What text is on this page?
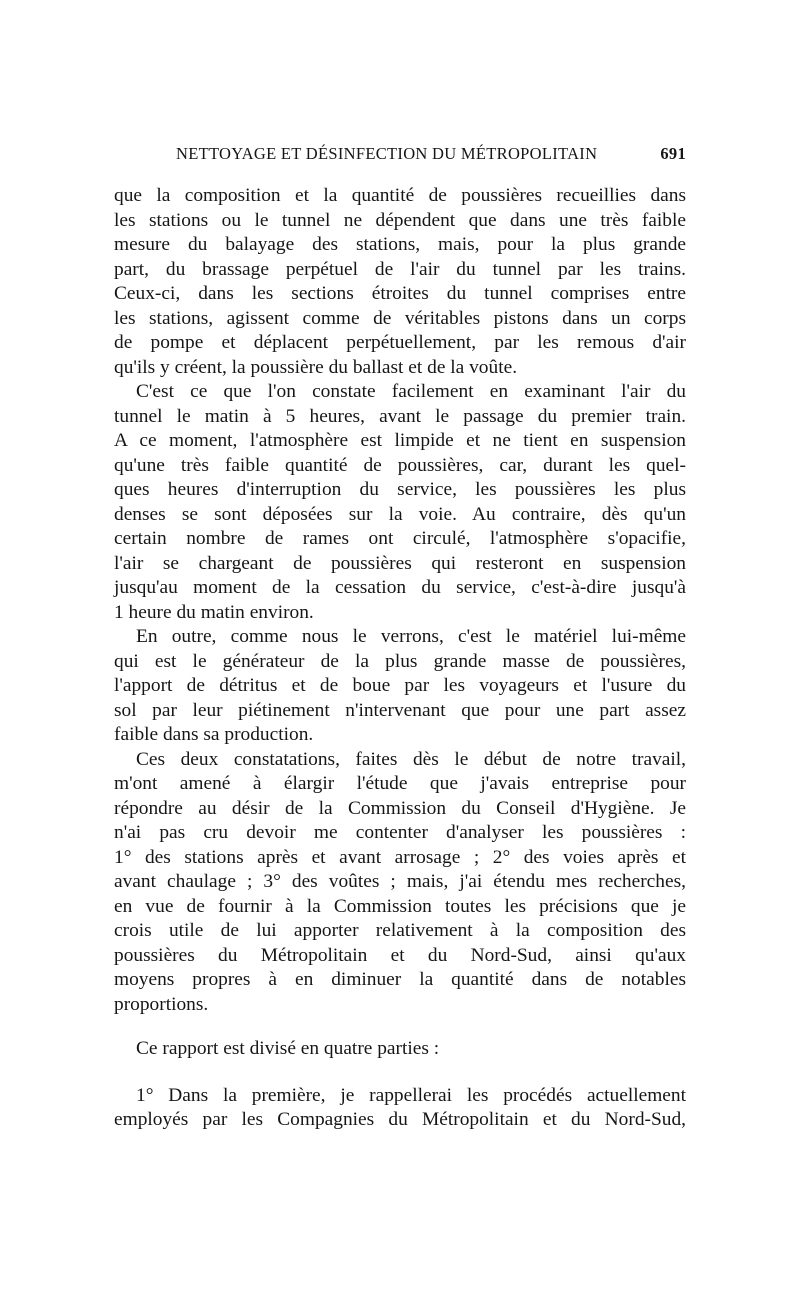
NETTOYAGE ET DÉSINFECTION DU MÉTROPOLITAIN	691
que la composition et la quantité de poussières recueillies dans
les stations ou le tunnel ne dépendent que dans une très faible
mesure du balayage des stations, mais, pour la plus grande
part, du brassage perpétuel de l'air du tunnel par les trains.
Ceux-ci, dans les sections étroites du tunnel comprises entre
les stations, agissent comme de véritables pistons dans un corps
de pompe et déplacent perpétuellement, par les remous d'air
qu'ils y créent, la poussière du ballast et de la voûte.
C'est ce que l'on constate facilement en examinant l'air du
tunnel le matin à 5 heures, avant le passage du premier train.
A ce moment, l'atmosphère est limpide et ne tient en suspension
qu'une très faible quantité de poussières, car, durant les quel-
ques heures d'interruption du service, les poussières les plus
denses se sont déposées sur la voie. Au contraire, dès qu'un
certain nombre de rames ont circulé, l'atmosphère s'opacifie,
l'air se chargeant de poussières qui resteront en suspension
jusqu'au moment de la cessation du service, c'est-à-dire jusqu'à
1 heure du matin environ.
En outre, comme nous le verrons, c'est le matériel lui-même
qui est le générateur de la plus grande masse de poussières,
l'apport de détritus et de boue par les voyageurs et l'usure du
sol par leur piétinement n'intervenant que pour une part assez
faible dans sa production.
Ces deux constatations, faites dès le début de notre travail,
m'ont amené à élargir l'étude que j'avais entreprise pour
répondre au désir de la Commission du Conseil d'Hygiène. Je
n'ai pas cru devoir me contenter d'analyser les poussières :
1° des stations après et avant arrosage ; 2° des voies après et
avant chaulage ; 3° des voûtes ; mais, j'ai étendu mes recherches,
en vue de fournir à la Commission toutes les précisions que je
crois utile de lui apporter relativement à la composition des
poussières du Métropolitain et du Nord-Sud, ainsi qu'aux
moyens propres à en diminuer la quantité dans de notables
proportions.
Ce rapport est divisé en quatre parties :
1° Dans la première, je rappellerai les procédés actuellement
employés par les Compagnies du Métropolitain et du Nord-Sud,
